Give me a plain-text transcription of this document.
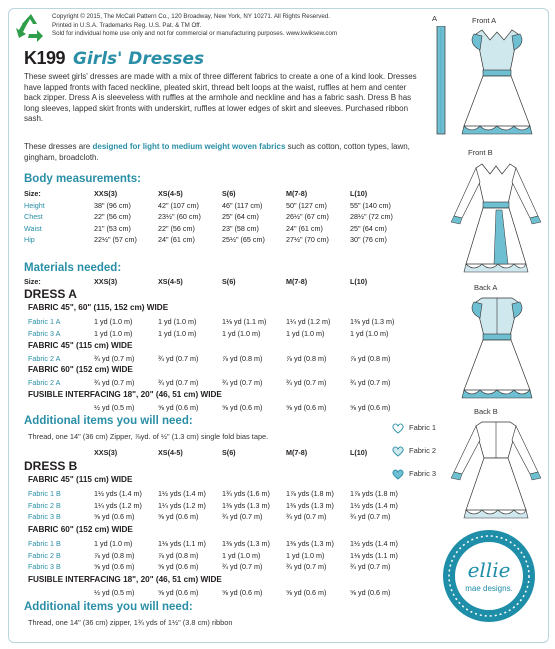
Copyright © 2015, The McCall Pattern Co., 120 Broadway, New York, NY 10271. All Rights Reserved.
Printed in U.S.A. Trademarks Reg. U.S. Pat. & TM Off.
Sold for individual home use only and not for commercial or manufacturing purposes. www.kwiksew.com
K199 Girls' Dresses
These sweet girls' dresses are made with a mix of three different fabrics to create a one of a kind look. Dresses have lapped fronts with faced neckline, pleated skirt, thread belt loops at the waist, ruffles at hem and center back zipper. Dress A is sleeveless with ruffles at the armhole and neckline and has a fabric sash. Dress B has long sleeves, lapped skirt fronts with underskirt, ruffles at lower edges of skirt and sleeves. Purchased ribbon sash.
These dresses are designed for light to medium weight woven fabrics such as cotton, cotton types, lawn, gingham, broadcloth.
Body measurements:
Size:	XXS(3)	XS(4-5)	S(6)	M(7-8)	L(10)
Height	38" (96 cm)	42" (107 cm)	46" (117 cm)	50" (127 cm)	55" (140 cm)
Chest	22" (56 cm)	23½" (60 cm)	25" (64 cm)	26½" (67 cm)	28½" (72 cm)
Waist	21" (53 cm)	22" (56 cm)	23" (58 cm)	24" (61 cm)	25" (64 cm)
Hip	22½" (57 cm)	24" (61 cm)	25½" (65 cm)	27½" (70 cm)	30" (76 cm)
Materials needed:
Size:	XXS(3)	XS(4-5)	S(6)	M(7-8)	L(10)
DRESS A
FABRIC 45", 60" (115, 152 cm) WIDE
Fabric 1 A	1 yd (1.0 m)	1 yd (1.0 m)	1⅛ yd (1.1 m)	1¼ yd (1.2 m)	1⅜ yd (1.3 m)
Fabric 3 A	1 yd (1.0 m)	1 yd (1.0 m)	1 yd (1.0 m)	1 yd (1.0 m)	1 yd (1.0 m)
FABRIC 45" (115 cm) WIDE
Fabric 2 A	¾ yd (0.7 m)	¾ yd (0.7 m)	⅞ yd (0.8 m)	⅞ yd (0.8 m)	⅞ yd (0.8 m)
FABRIC 60" (152 cm) WIDE
Fabric 2 A	¾ yd (0.7 m)	¾ yd (0.7 m)	¾ yd (0.7 m)	¾ yd (0.7 m)	¾ yd (0.7 m)
FUSIBLE INTERFACING 18", 20" (46, 51 cm) WIDE
½ yd (0.5 m)	⅝ yd (0.6 m)	⅝ yd (0.6 m)	⅝ yd (0.6 m)	⅝ yd (0.6 m)
Additional items you will need:
Thread, one 14" (36 cm) Zipper, ⅞yd. of ½" (1.3 cm) single fold bias tape.
XXS(3)	XS(4-5)	S(6)	M(7-8)	L(10)
DRESS B
FABRIC 45" (115 cm) WIDE
Fabric 1 B	1½ yds (1.4 m) 1½ yds (1.4 m) 1¾ yds (1.6 m) 1⅞ yds (1.8 m) 1⅞ yds (1.8 m)
Fabric 2 B	1¼ yds (1.2 m) 1¼ yds (1.2 m) 1⅜ yds (1.3 m) 1⅜ yds (1.3 m) 1½ yds (1.4 m)
Fabric 3 B	⅝ yd (0.6 m)	⅝ yd (0.6 m)	¾ yd (0.7 m)	¾ yd (0.7 m)	¾ yd (0.7 m)
FABRIC 60" (152 cm) WIDE
Fabric 1 B	1 yd (1.0 m)	1⅛ yds (1.1 m) 1⅜ yds (1.3 m) 1⅜ yds (1.3 m) 1½ yds (1.4 m)
Fabric 2 B	⅞ yd (0.8 m)	⅞ yd (0.8 m)	1 yd (1.0 m)	1 yd (1.0 m)	1⅛ yds (1.1 m)
Fabric 3 B	⅝ yd (0.6 m)	⅝ yd (0.6 m)	¾ yd (0.7 m)	¾ yd (0.7 m)	¾ yd (0.7 m)
FUSIBLE INTERFACING 18", 20" (46, 51 cm) WIDE
½ yd (0.5 m)	⅝ yd (0.6 m)	⅝ yd (0.6 m)	⅝ yd (0.6 m)	⅝ yd (0.6 m)
Additional items you will need:
Thread, one 14" (36 cm) zipper, 1¾ yds of 1½" (3.8 cm) ribbon
Fabric 1
Fabric 2
Fabric 3
A	Front A
Front B
Back A
Back B
ellie
mae designs.
